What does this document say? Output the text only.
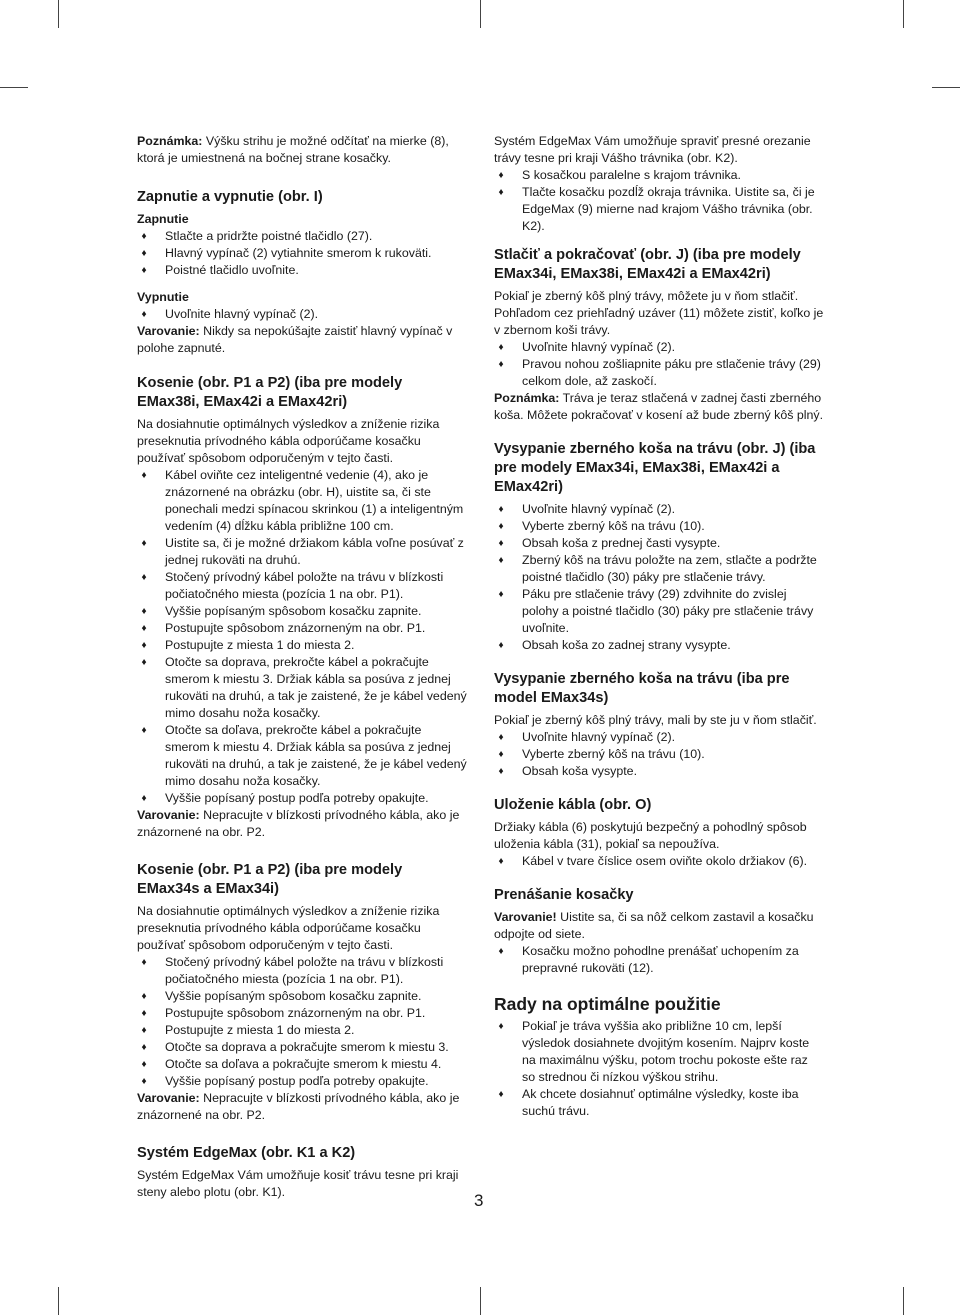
Poznámka: Výšku strihu je možné odčítať na mierke (8), ktorá je umiestnená na bočnej strane kosačky.

Zapnutie a vypnutie (obr. I)
Zapnutie
♦
Stlačte a pridržte poistné tlačidlo (27).
♦
Hlavný vypínač (2) vytiahnite smerom k rukoväti.
♦
Poistné tlačidlo uvoľnite.
Vypnutie
♦
Uvoľnite hlavný vypínač (2).

Varovanie: Nikdy sa nepokúšajte zaistiť hlavný vypínač v polohe zapnuté.

Kosenie (obr. P1 a P2) (iba pre modely EMax38i, EMax42i a EMax42ri)

Na dosiahnutie optimálnych výsledkov a zníženie rizika preseknutia prívodného kábla odporúčame kosačku používať spôsobom odporučeným v tejto časti.

♦
Kábel oviňte cez inteligentné vedenie (4), ako je znázornené na obrázku (obr. H), uistite sa, či ste ponechali medzi spínacou skrinkou (1) a inteligentným vedením (4) dĺžku kábla približne 100 cm.
♦
Uistite sa, či je možné držiakom kábla voľne posúvať z jednej rukoväti na druhú.
♦
Stočený prívodný kábel položte na trávu v blízkosti počiatočného miesta (pozícia 1 na obr. P1).
♦
Vyššie popísaným spôsobom kosačku zapnite.
♦
Postupujte spôsobom znázorneným na obr. P1.
♦
Postupujte z miesta 1 do miesta 2.
♦
Otočte sa doprava, prekročte kábel a pokračujte smerom k miestu 3. Držiak kábla sa posúva z jednej rukoväti na druhú, a tak je zaistené, že je kábel vedený mimo dosahu noža kosačky.
♦
Otočte sa doľava, prekročte kábel a pokračujte smerom k miestu 4. Držiak kábla sa posúva z jednej rukoväti na druhú, a tak je zaistené, že je kábel vedený mimo dosahu noža kosačky.
♦
Vyššie popísaný postup podľa potreby opakujte.

Varovanie: Nepracujte v blízkosti prívodného kábla, ako je znázornené na obr. P2.

Kosenie (obr. P1 a P2) (iba pre modely EMax34s a EMax34i)

Na dosiahnutie optimálnych výsledkov a zníženie rizika preseknutia prívodného kábla odporúčame kosačku používať spôsobom odporučeným v tejto časti.

♦
Stočený prívodný kábel položte na trávu v blízkosti počiatočného miesta (pozícia 1 na obr. P1).
♦
Vyššie popísaným spôsobom kosačku zapnite.
♦
Postupujte spôsobom znázorneným na obr. P1.
♦
Postupujte z miesta 1 do miesta 2.
♦
Otočte sa doprava a pokračujte smerom k miestu 3.
♦
Otočte sa doľava a pokračujte smerom k miestu 4.
♦
Vyššie popísaný postup podľa potreby opakujte.

Varovanie: Nepracujte v blízkosti prívodného kábla, ako je znázornené na obr. P2.

Systém EdgeMax (obr. K1 a K2)

Systém EdgeMax Vám umožňuje kosiť trávu tesne pri kraji steny alebo plotu (obr. K1).

Systém EdgeMax Vám umožňuje spraviť presné orezanie trávy tesne pri kraji Vášho trávnika (obr. K2).

♦
S kosačkou paralelne s krajom trávnika.
♦
Tlačte kosačku pozdĺž okraja trávnika. Uistite sa, či je EdgeMax (9) mierne nad krajom Vášho trávnika (obr. K2).
Stlačiť a pokračovať (obr. J) (iba pre modely EMax34i, EMax38i, EMax42i a EMax42ri)

Pokiaľ je zberný kôš plný trávy, môžete ju v ňom stlačiť. Pohľadom cez priehľadný uzáver (11) môžete zistiť, koľko je v zbernom koši trávy.

♦
Uvoľnite hlavný vypínač (2).
♦
Pravou nohou zošliapnite páku pre stlačenie trávy (29) celkom dole, až zaskočí.

Poznámka: Tráva je teraz stlačená v zadnej časti zberného koša. Môžete pokračovať v kosení až bude zberný kôš plný.

Vysypanie zberného koša na trávu (obr. J) (iba pre modely EMax34i, EMax38i, EMax42i a EMax42ri)
♦
Uvoľnite hlavný vypínač (2).
♦
Vyberte zberný kôš na trávu (10).
♦
Obsah koša z prednej časti vysypte.
♦
Zberný kôš na trávu položte na zem, stlačte a podržte poistné tlačidlo (30) páky pre stlačenie trávy.
♦
Páku pre stlačenie trávy (29) zdvihnite do zvislej polohy a poistné tlačidlo (30) páky pre stlačenie trávy uvoľnite.
♦
Obsah koša zo zadnej strany vysypte.
Vysypanie zberného koša na trávu (iba pre model EMax34s)

Pokiaľ je zberný kôš plný trávy, mali by ste ju v ňom stlačiť.

♦
Uvoľnite hlavný vypínač (2).
♦
Vyberte zberný kôš na trávu (10).
♦
Obsah koša vysypte.
Uloženie kábla (obr. O)

Držiaky kábla (6) poskytujú bezpečný a pohodlný spôsob uloženia kábla (31), pokiaľ sa nepoužíva.

♦
Kábel v tvare číslice osem oviňte okolo držiakov (6).
Prenášanie kosačky

Varovanie! Uistite sa, či sa nôž celkom zastavil a kosačku odpojte od siete.

♦
Kosačku možno pohodlne prenášať uchopením za prepravné rukoväti (12).
Rady na optimálne použitie
♦
Pokiaľ je tráva vyššia ako približne 10 cm, lepší výsledok dosiahnete dvojitým kosením. Najprv koste na maximálnu výšku, potom trochu pokoste ešte raz so strednou či nízkou výškou strihu.
♦
Ak chcete dosiahnuť optimálne výsledky, koste iba suchú trávu.
3
